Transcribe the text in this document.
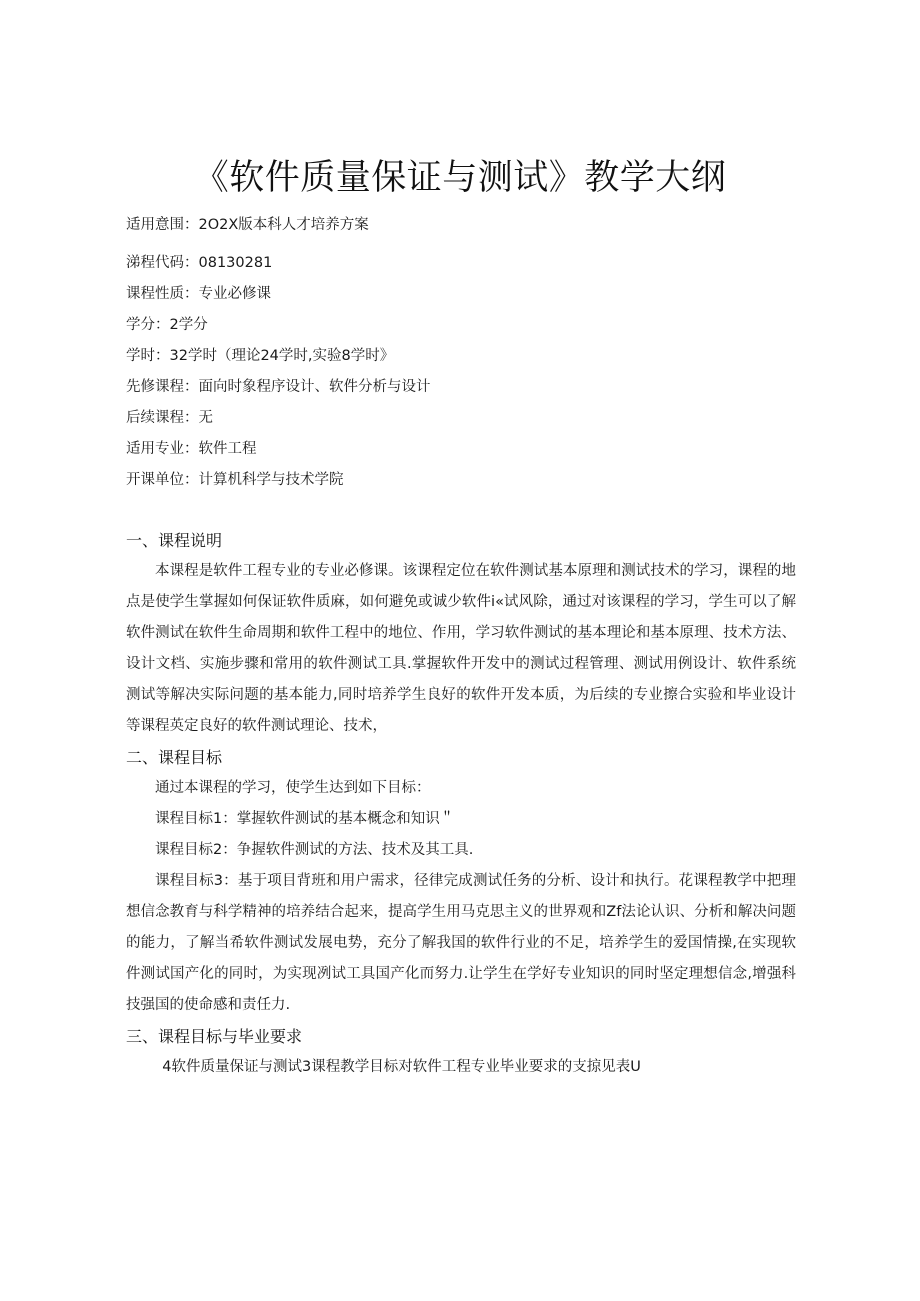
《软件质量保证与测试》教学大纲
适用意围：2O2X版本科人才培养方案
涕程代码：08130281
课程性质：专业必修课
学分：2学分
学时：32学时（理论24学时,实验8学时》
先修课程：面向时象程序设计、软件分析与设计
后续课程：无
适用专业：软件工程
开课单位：计算机科学与技术学院
一、课程说明

本课程是软件工程专业的专业必修课。该课程定位在软件测试基本原理和测试技术的学习，课程的地点是使学生掌握如何保证软件质麻，如何避免或诚少软件i«试风除，通过对该课程的学习，学生可以了解软件测试在软件生命周期和软件工程中的地位、作用，学习软件测试的基本理论和基本原理、技术方法、设计文档、实施步骤和常用的软件测试工具.掌握软件开发中的测试过程管理、测试用例设计、软件系统测试等解决实际问题的基本能力,同时培养学生良好的软件开发本质，为后续的专业擦合实验和毕业设计等课程英定良好的软件测试理论、技术，

二、课程目标

通过本课程的学习，使学生达到如下目标：

课程目标1：掌握软件测试的基本概念和知识＂

课程目标2：争握软件测试的方法、技术及其工具.

课程目标3：基于项目背班和用户需求，径律完成测试任务的分析、设计和执行。花课程教学中把理想信念教育与科学精神的培养结合起来，提高学生用马克思主义的世界观和Zf法论认识、分析和解决问题的能力，了解当希软件测试发展电势，充分了解我国的软件行业的不足，培养学生的爱国情操,在实现软件测试国产化的同时，为实现冽试工具国产化而努力.让学生在学好专业知识的同时坚定理想信念,增强科技强国的使命感和责任力.

三、课程目标与毕业要求

4软件质量保证与测试3课程教学目标对软件工程专业毕业要求的支掠见表U
